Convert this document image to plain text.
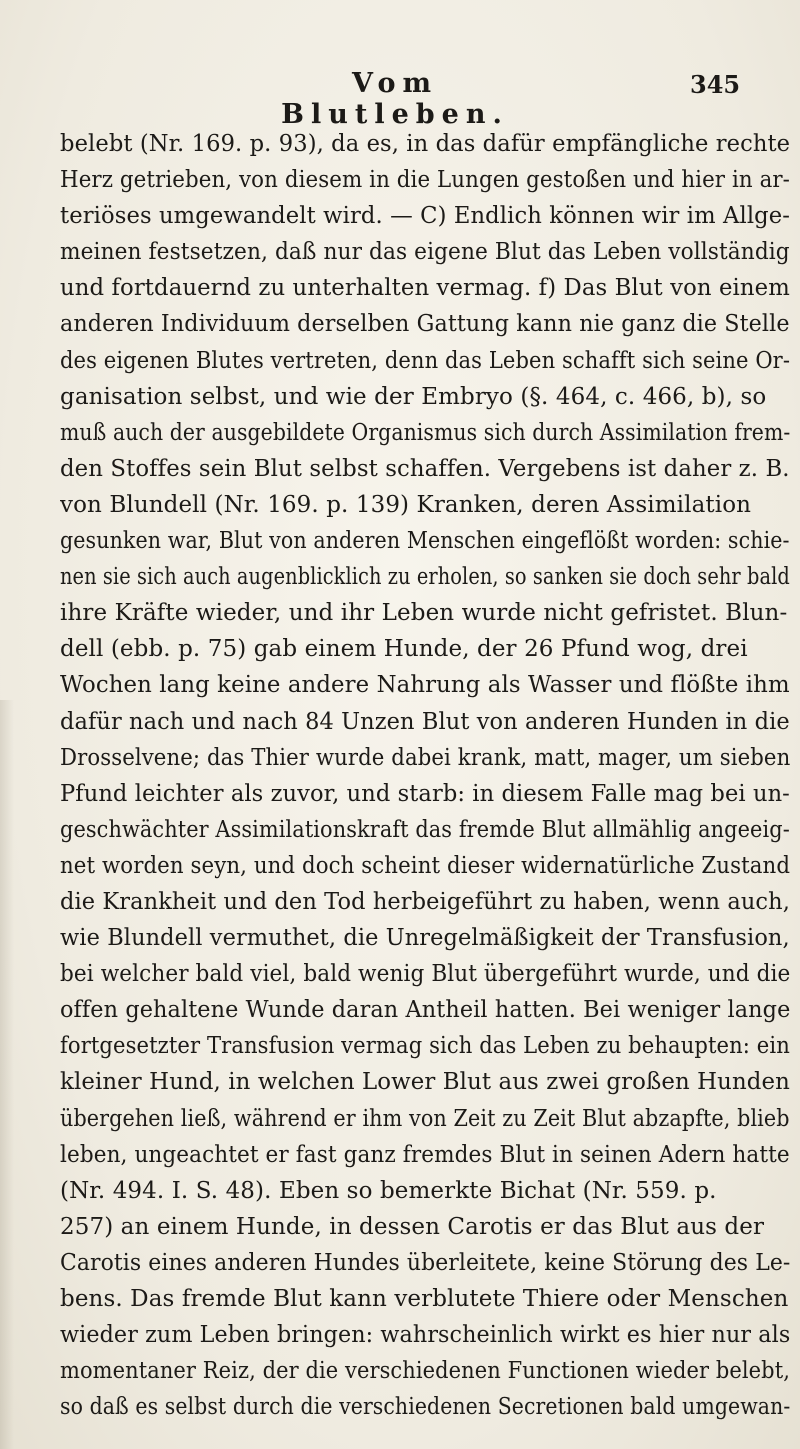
Vom Blutleben.
345
belebt (Nr. 169. p. 93), da es, in das dafür empfängliche rechte
Herz getrieben, von diesem in die Lungen gestoßen und hier in ar-
teriöses umgewandelt wird. — C) Endlich können wir im Allge-
meinen festsetzen, daß nur das eigene Blut das Leben vollständig
und fortdauernd zu unterhalten vermag. f) Das Blut von einem
anderen Individuum derselben Gattung kann nie ganz die Stelle
des eigenen Blutes vertreten, denn das Leben schafft sich seine Or-
ganisation selbst, und wie der Embryo (§. 464, c. 466, b), so
muß auch der ausgebildete Organismus sich durch Assimilation frem-
den Stoffes sein Blut selbst schaffen. Vergebens ist daher z. B.
von Blundell (Nr. 169. p. 139) Kranken, deren Assimilation
gesunken war, Blut von anderen Menschen eingeflößt worden: schie-
nen sie sich auch augenblicklich zu erholen, so sanken sie doch sehr bald
ihre Kräfte wieder, und ihr Leben wurde nicht gefristet. Blun-
dell (ebb. p. 75) gab einem Hunde, der 26 Pfund wog, drei
Wochen lang keine andere Nahrung als Wasser und flößte ihm
dafür nach und nach 84 Unzen Blut von anderen Hunden in die
Drosselvene; das Thier wurde dabei krank, matt, mager, um sieben
Pfund leichter als zuvor, und starb: in diesem Falle mag bei un-
geschwächter Assimilationskraft das fremde Blut allmählig angeeig-
net worden seyn, und doch scheint dieser widernatürliche Zustand
die Krankheit und den Tod herbeigeführt zu haben, wenn auch,
wie Blundell vermuthet, die Unregelmäßigkeit der Transfusion,
bei welcher bald viel, bald wenig Blut übergeführt wurde, und die
offen gehaltene Wunde daran Antheil hatten. Bei weniger lange
fortgesetzter Transfusion vermag sich das Leben zu behaupten: ein
kleiner Hund, in welchen Lower Blut aus zwei großen Hunden
übergehen ließ, während er ihm von Zeit zu Zeit Blut abzapfte, blieb
leben, ungeachtet er fast ganz fremdes Blut in seinen Adern hatte
(Nr. 494. I. S. 48). Eben so bemerkte Bichat (Nr. 559. p.
257) an einem Hunde, in dessen Carotis er das Blut aus der
Carotis eines anderen Hundes überleitete, keine Störung des Le-
bens. Das fremde Blut kann verblutete Thiere oder Menschen
wieder zum Leben bringen: wahrscheinlich wirkt es hier nur als
momentaner Reiz, der die verschiedenen Functionen wieder belebt,
so daß es selbst durch die verschiedenen Secretionen bald umgewan-
